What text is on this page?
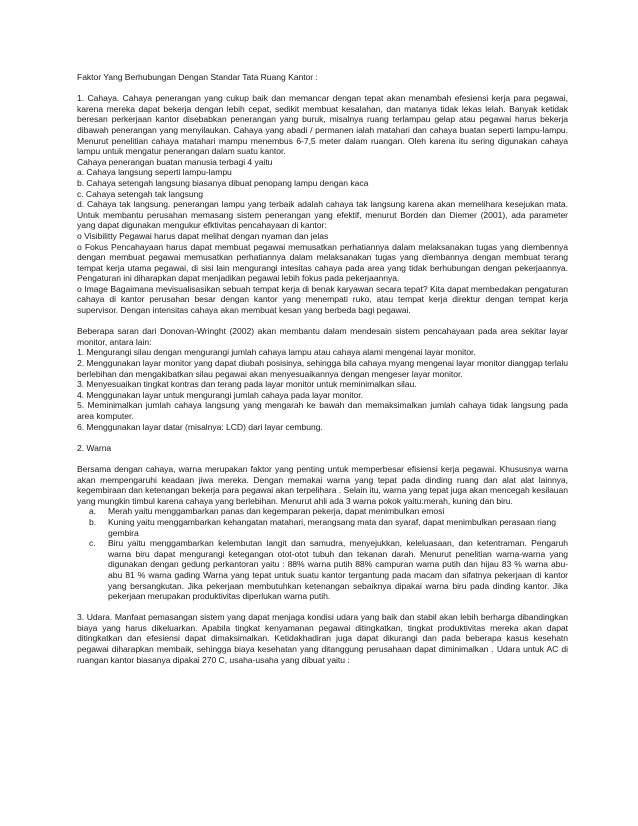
Faktor Yang Berhubungan Dengan Standar Tata Ruang Kantor :

1. Cahaya. Cahaya penerangan yang cukup baik dan memancar dengan tepat akan menambah efesiensi kerja para pegawai, karena mereka dapat bekerja dengan lebih cepat, sedikit membuat kesalahan, dan matanya tidak lekas lelah. Banyak ketidak beresan perkerjaan kantor disebabkan penerangan yang buruk, misalnya ruang terlampau gelap atau pegawai harus bekerja dibawah penerangan yang menyilaukan. Cahaya yang abadi / permanen ialah matahari dan cahaya buatan seperti lampu-lampu. Menurut penelitian cahaya matahari mampu menembus 6-7,5 meter dalam ruangan. Oleh karena itu sering digunakan cahaya lampu untuk mengatur penerangan dalam suatu kantor.

Cahaya penerangan buatan manusia terbagi 4 yaitu

a. Cahaya langsung seperti lampu-lampu

b. Cahaya setengah langsung biasanya dibuat penopang lampu dengan kaca

c. Cahaya setengah tak langsung

d. Cahaya tak langsung. penerangan lampu yang terbaik adalah cahaya tak langsung karena akan memelihara kesejukan mata. Untuk membantu perusahan memasang sistem penerangan yang efektif, menurut Borden dan Diemer (2001), ada parameter yang dapat digunakan mengukur efktivitas pencahayaan di kantor:

o Visibilitty Pegawai harus dapat melihat dengan nyaman dan jelas

o Fokus Pencahayaan harus dapat membuat pegawai memusatkan perhatiannya dalam melaksanakan tugas yang diembennya dengan membuat pegawai memusatkan perhatiannya dalam melaksanakan tugas yang diembannya dengan membuat terang tempat kerja utama pegawai, di sisi lain mengurangi intesitas cahaya pada area yang tidak berhubungan dengan pekerjaannya. Pengaturan ini diharapkan dapat menjadikan pegawai lebih fokus pada pekerjaannya.

o Image Bagaimana mevisualisasikan sebuah tempat kerja di benak karyawan secara tepat? Kita dapat membedakan pengaturan cahaya di kantor perusahan besar dengan kantor yang menempati ruko, atau tempat kerja direktur dengan tempat kerja supervisor. Dengan intensitas cahaya akan membuat kesan yang berbeda bagi pegawai.

Beberapa saran dari Donovan-Wringht (2002) akan membantu dalam mendesain sistem pencahayaan pada area sekitar layar monitor, antara lain:

1. Mengurangi silau dengan mengurangi jumlah cahaya lampu atau cahaya alami mengenai layar monitor.

2. Menggunakan layar monitor yang dapat diubah posisinya, sehingga bila cahaya myang mengenai layar monitor dianggap terlalu berlebihan dan mengakibatkan silau pegawai akan menyesuaikannya dengan mengeser layar monitor.

3. Menyesuaikan tingkat kontras dan terang pada layar monitor untuk meminimalkan silau.

4. Menggunakan layar untuk mengurangi jumlah cahaya pada layar monitor.

5. Meminimalkan jumlah cahaya langsung yang mengarah ke bawah dan memaksimalkan jumlah cahaya tidak langsung pada area komputer.

6. Menggunakan layar datar (misalnya: LCD) dari layar cembung.

2. Warna

Bersama dengan cahaya, warna merupakan faktor yang penting untuk memperbesar efisiensi kerja pegawai. Khususnya warna akan mempengaruhi keadaan jiwa mereka. Dengan memakai warna yang tepat pada dinding ruang dan alat alat lainnya, kegembiraan dan ketenangan bekerja para pegawai akan terpelihara . Selain itu, warna yang tepat juga akan mencegah kesilauan yang mungkin timbul karena cahaya yang berlebihan. Menurut ahli ada 3 warna pokok yaitu:merah, kuning dan biru.

a.	Merah yaitu menggambarkan panas dan kegemparan pekerja, dapat menimbulkan emosi
b.	Kuning yaitu menggambarkan kehangatan matahari, merangsang mata dan syaraf, dapat menimbulkan perasaan riang gembira
c.	Biru yaitu menggambarkan kelembutan langit dan samudra, menyejukkan, keleluasaan, dan ketentraman. Pengaruh warna biru dapat mengurangi ketegangan otot-otot tubuh dan tekanan darah. Menurut penelitian warna-warna yang digunakan dengan gedung perkantoran yaitu : 88% warna putih 88% campuran warna putih dan hijau 83 % warna abu-abu 81 % warna gading Warna yang tepat untuk suatu kantor tergantung pada macam dan sifatnya pekerjaan di kantor yang bersangkutan. Jika pekerjaan membutuhkan ketenangan sebaiknya dipakai warna biru pada dinding kantor. Jika pekerjaan merupakan produktivitas diperlukan warna putih.

3. Udara. Manfaat pemasangan sistem yang dapat menjaga kondisi udara yang baik dan stabil akan lebih berharga dibandingkan biaya yang harus dikeluarkan. Apabila tingkat kenyamanan pegawai ditingkatkan, tingkat produktivitas mereka akan dapat ditingkatkan dan efesiensi dapat dimaksimalkan. Ketidakhadiran juga dapat dikurangi dan pada beberapa kasus kesehatn pegawai diharapkan membaik, sehingga biaya kesehatan yang ditanggung perusahaan dapat diminimalkan . Udara untuk AC di ruangan kantor biasanya dipakai 270 C, usaha-usaha yang dibuat yaitu :
